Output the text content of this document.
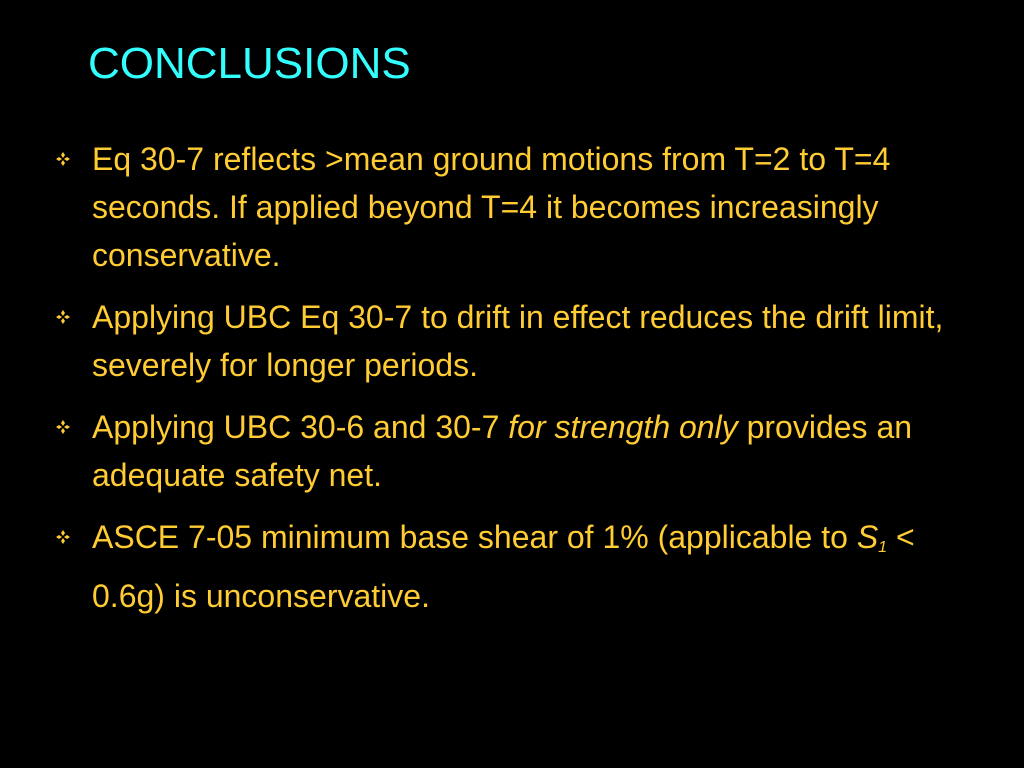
CONCLUSIONS
Eq 30-7 reflects >mean ground motions from T=2 to T=4 seconds. If applied beyond T=4 it becomes increasingly conservative.
Applying UBC Eq 30-7 to drift in effect reduces the drift limit, severely for longer periods.
Applying UBC 30-6 and 30-7 for strength only provides an adequate safety net.
ASCE 7-05 minimum base shear of 1% (applicable to $S_1 < 0.6g$) is unconservative.
